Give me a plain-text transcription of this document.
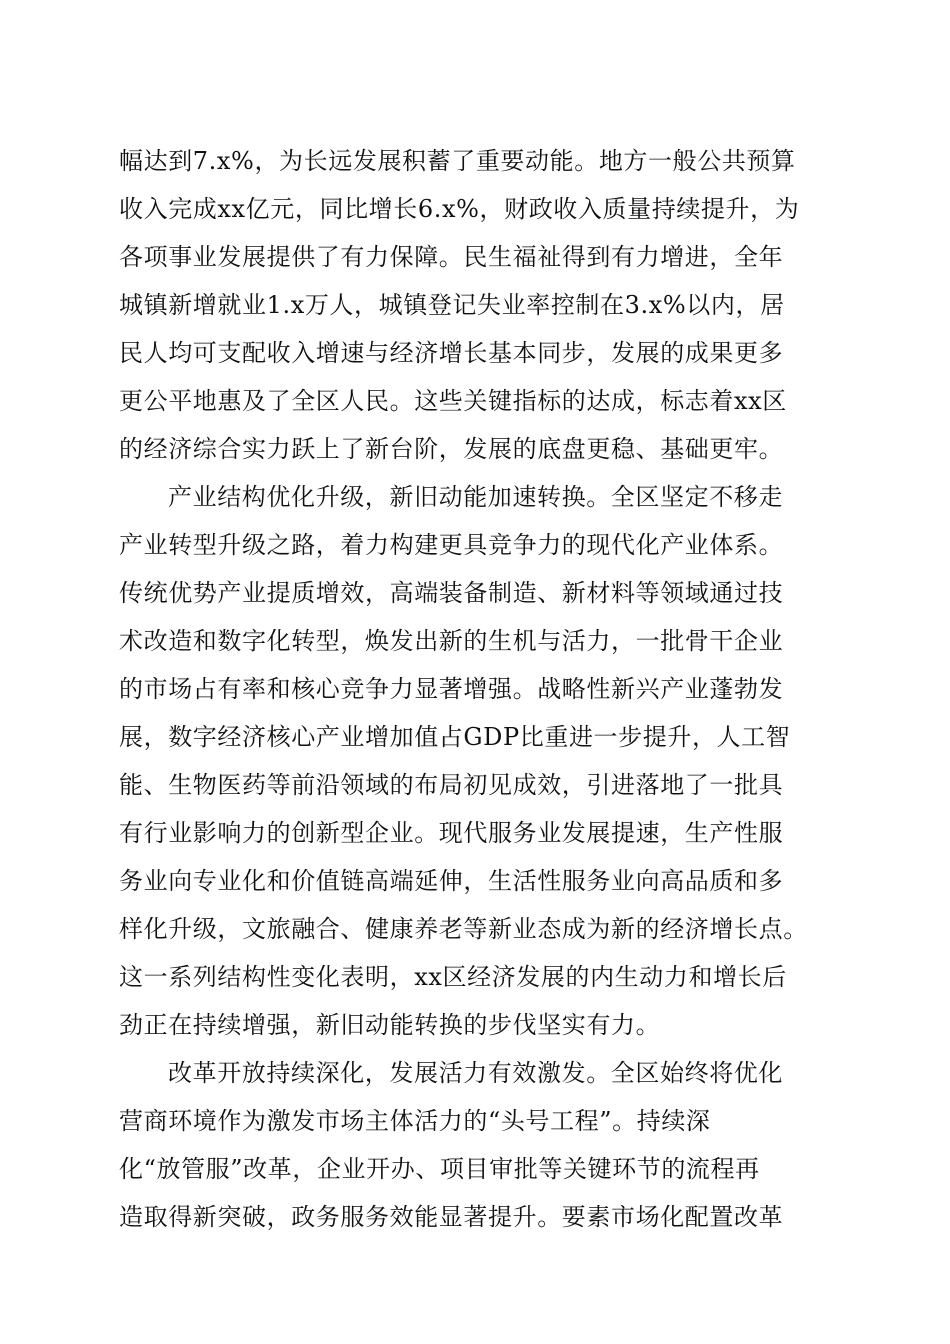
幅达到7.x%，为长远发展积蓄了重要动能。地方一般公共预算
收入完成xx亿元，同比增长6.x%，财政收入质量持续提升，为
各项事业发展提供了有力保障。民生福祉得到有力增进，全年
城镇新增就业1.x万人，城镇登记失业率控制在3.x%以内，居
民人均可支配收入增速与经济增长基本同步，发展的成果更多
更公平地惠及了全区人民。这些关键指标的达成，标志着xx区
的经济综合实力跃上了新台阶，发展的底盘更稳、基础更牢。
产业结构优化升级，新旧动能加速转换。全区坚定不移走
产业转型升级之路，着力构建更具竞争力的现代化产业体系。
传统优势产业提质增效，高端装备制造、新材料等领域通过技
术改造和数字化转型，焕发出新的生机与活力，一批骨干企业
的市场占有率和核心竞争力显著增强。战略性新兴产业蓬勃发
展，数字经济核心产业增加值占GDP比重进一步提升，人工智
能、生物医药等前沿领域的布局初见成效，引进落地了一批具
有行业影响力的创新型企业。现代服务业发展提速，生产性服
务业向专业化和价值链高端延伸，生活性服务业向高品质和多
样化升级，文旅融合、健康养老等新业态成为新的经济增长点。
这一系列结构性变化表明，xx区经济发展的内生动力和增长后
劲正在持续增强，新旧动能转换的步伐坚实有力。
改革开放持续深化，发展活力有效激发。全区始终将优化
营商环境作为激发市场主体活力的“头号工程”。持续深
化“放管服”改革，企业开办、项目审批等关键环节的流程再
造取得新突破，政务服务效能显著提升。要素市场化配置改革
